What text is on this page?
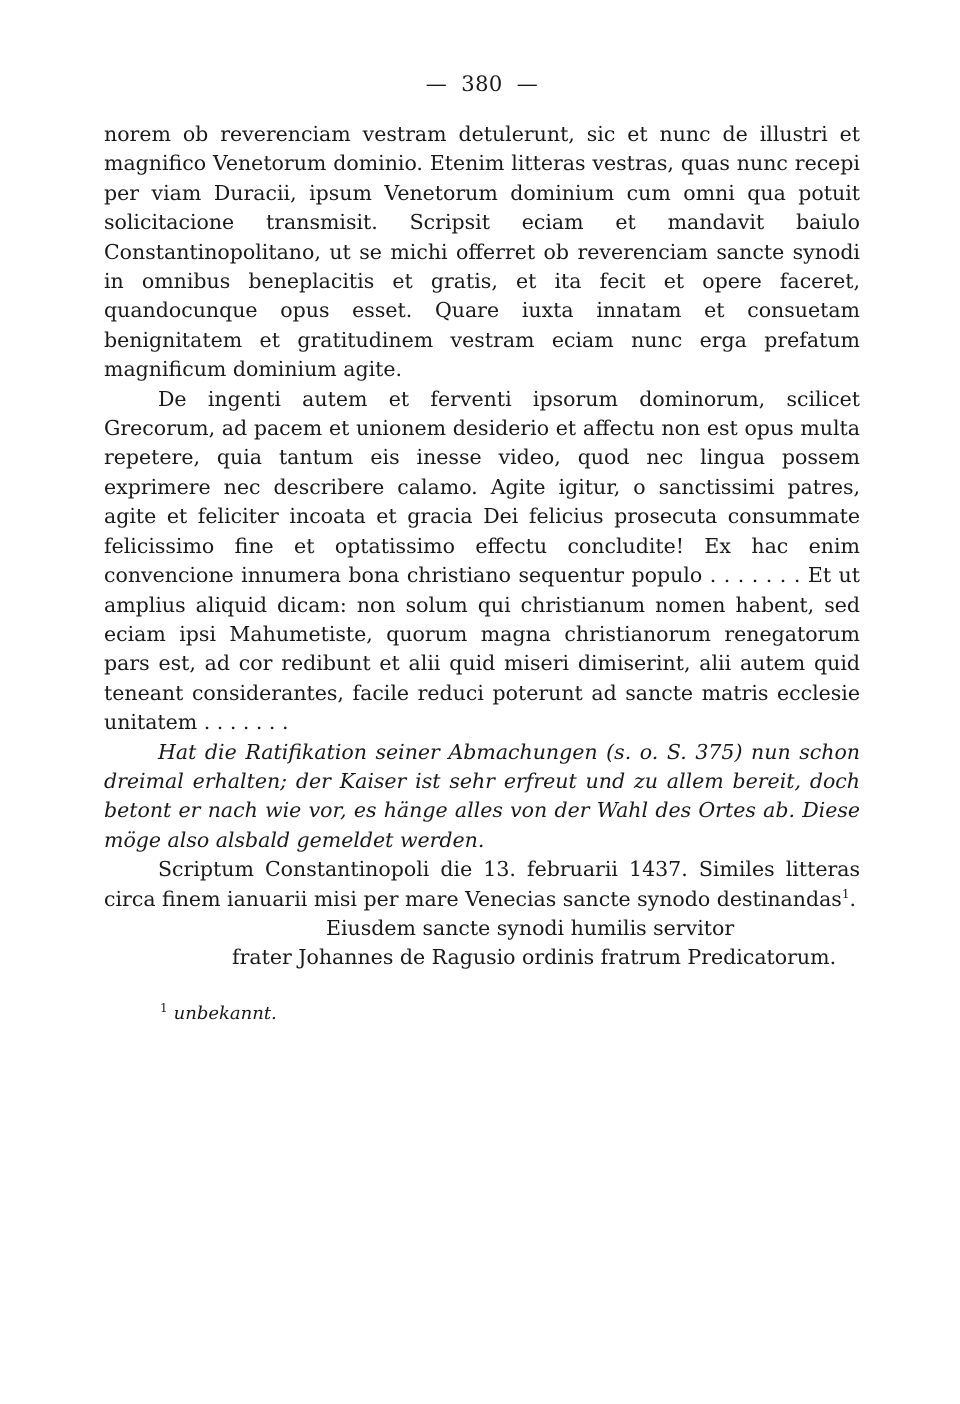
— 380 —

norem ob reverenciam vestram detulerunt, sic et nunc de illustri et magnifico Venetorum dominio. Etenim litteras vestras, quas nunc recepi per viam Duracii, ipsum Venetorum dominium cum omni qua potuit solicitacione transmisit. Scripsit eciam et mandavit baiulo Constantinopolitano, ut se michi offerret ob reverenciam sancte synodi in omnibus beneplacitis et gratis, et ita fecit et opere faceret, quandocunque opus esset. Quare iuxta innatam et consuetam benignitatem et gratitudinem vestram eciam nunc erga prefatum magnificum dominium agite.

De ingenti autem et ferventi ipsorum dominorum, scilicet Grecorum, ad pacem et unionem desiderio et affectu non est opus multa repetere, quia tantum eis inesse video, quod nec lingua possem exprimere nec describere calamo. Agite igitur, o sanctissimi patres, agite et feliciter incoata et gracia Dei felicius prosecuta consummate felicissimo fine et optatissimo effectu concludite! Ex hac enim convencione innumera bona christiano sequentur populo . . . . . . . Et ut amplius aliquid dicam: non solum qui christianum nomen habent, sed eciam ipsi Mahumetiste, quorum magna christianorum renegatorum pars est, ad cor redibunt et alii quid miseri dimiserint, alii autem quid teneant considerantes, facile reduci poterunt ad sancte matris ecclesie unitatem . . . . . . .

Hat die Ratifikation seiner Abmachungen (s. o. S. 375) nun schon dreimal erhalten; der Kaiser ist sehr erfreut und zu allem bereit, doch betont er nach wie vor, es hänge alles von der Wahl des Ortes ab. Diese möge also alsbald gemeldet werden.

Scriptum Constantinopoli die 13. februarii 1437. Similes litteras circa finem ianuarii misi per mare Venecias sancte synodo destinandas$^1$.

Eiusdem sancte synodi humilis servitor
frater Johannes de Ragusio ordinis fratrum Predicatorum.
$^1$ unbekannt.
